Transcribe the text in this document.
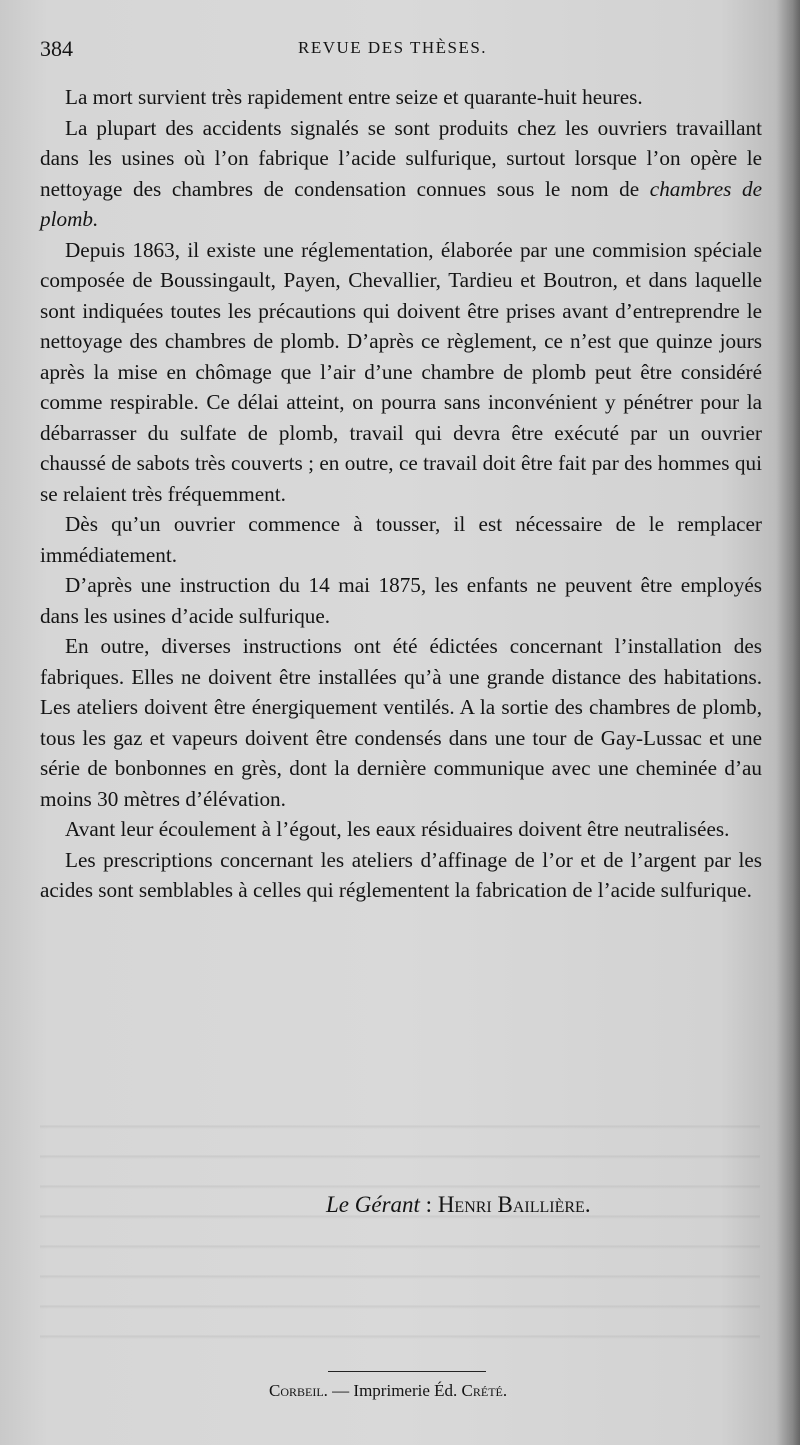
384	REVUE DES THÈSES.

La mort survient très rapidement entre seize et quarante-huit heures.

La plupart des accidents signalés se sont produits chez les ouvriers travaillant dans les usines où l’on fabrique l’acide sulfurique, surtout lorsque l’on opère le nettoyage des chambres de condensation connues sous le nom de chambres de plomb.

Depuis 1863, il existe une réglementation, élaborée par une commision spéciale composée de Boussingault, Payen, Chevallier, Tardieu et Boutron, et dans laquelle sont indiquées toutes les précautions qui doivent être prises avant d’entreprendre le nettoyage des chambres de plomb. D’après ce règlement, ce n’est que quinze jours après la mise en chômage que l’air d’une chambre de plomb peut être considéré comme respirable. Ce délai atteint, on pourra sans inconvénient y pénétrer pour la débarrasser du sulfate de plomb, travail qui devra être exécuté par un ouvrier chaussé de sabots très couverts ; en outre, ce travail doit être fait par des hommes qui se relaient très fréquemment.

Dès qu’un ouvrier commence à tousser, il est nécessaire de le remplacer immédiatement.

D’après une instruction du 14 mai 1875, les enfants ne peuvent être employés dans les usines d’acide sulfurique.

En outre, diverses instructions ont été édictées concernant l’installation des fabriques. Elles ne doivent être installées qu’à une grande distance des habitations. Les ateliers doivent être énergiquement ventilés. A la sortie des chambres de plomb, tous les gaz et vapeurs doivent être condensés dans une tour de Gay-Lussac et une série de bonbonnes en grès, dont la dernière communique avec une cheminée d’au moins 30 mètres d’élévation.

Avant leur écoulement à l’égout, les eaux résiduaires doivent être neutralisées.

Les prescriptions concernant les ateliers d’affinage de l’or et de l’argent par les acides sont semblables à celles qui réglementent la fabrication de l’acide sulfurique.

Le Gérant : Henri Baillière.
Corbeil. — Imprimerie Éd. Crété.
